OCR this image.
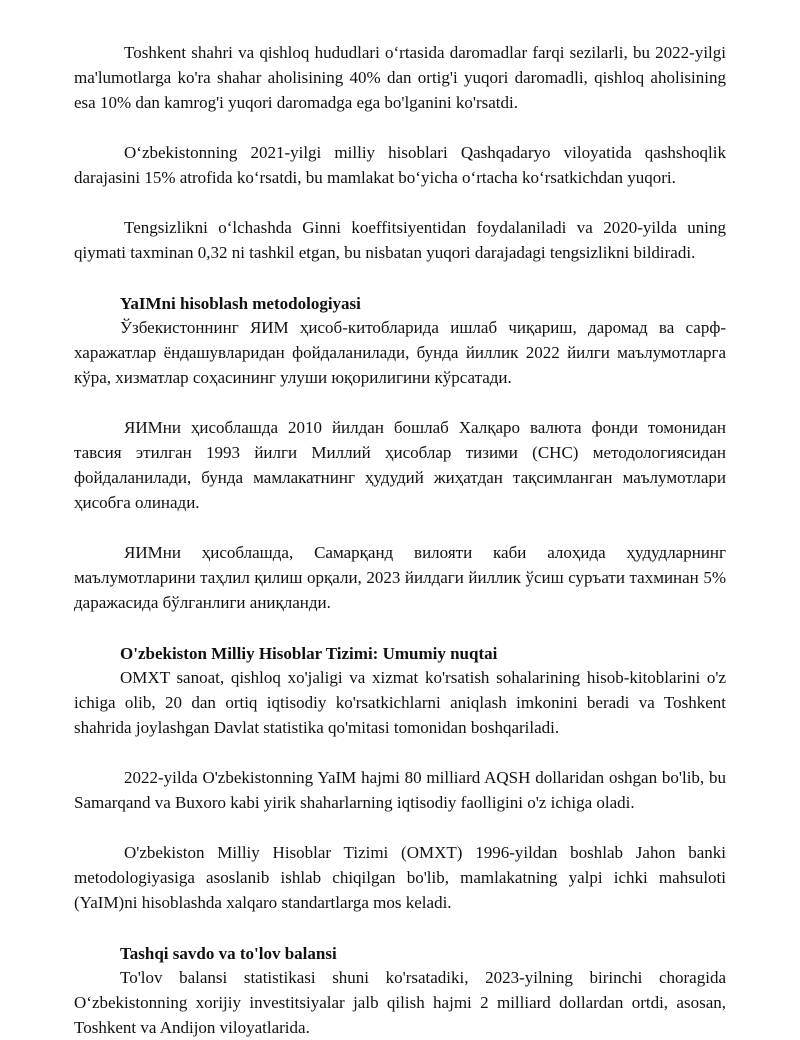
Toshkent shahri va qishloq hududlari oʻrtasida daromadlar farqi sezilarli, bu 2022-yilgi ma'lumotlarga ko'ra shahar aholisining 40% dan ortig'i yuqori daromadli, qishloq aholisining esa 10% dan kamrog'i yuqori daromadga ega bo'lganini ko'rsatdi.

Oʻzbekistonning 2021-yilgi milliy hisoblari Qashqadaryo viloyatida qashshoqlik darajasini 15% atrofida koʻrsatdi, bu mamlakat boʻyicha oʻrtacha koʻrsatkichdan yuqori.

Tengsizlikni oʻlchashda Ginni koeffitsiyentidan foydalaniladi va 2020-yilda uning qiymati taxminan 0,32 ni tashkil etgan, bu nisbatan yuqori darajadagi tengsizlikni bildiradi.

YaIMni hisoblash metodologiyasi

Ўзбекистоннинг ЯИМ ҳисоб-китобларида ишлаб чиқариш, даромад ва сарф-харажатлар ёндашувларидан фойдаланилади, бунда йиллик 2022 йилги маълумотларга кўра, хизматлар соҳасининг улуши юқорилигини кўрсатади.

ЯИМни ҳисоблашда 2010 йилдан бошлаб Халқаро валюта фонди томонидан тавсия этилган 1993 йилги Миллий ҳисоблар тизими (СНС) методологиясидан фойдаланилади, бунда мамлакатнинг ҳудудий жиҳатдан тақсимланган маълумотлари ҳисобга олинади.

ЯИМни ҳисоблашда, Самарқанд вилояти каби алоҳида ҳудудларнинг маълумотларини таҳлил қилиш орқали, 2023 йилдаги йиллик ўсиш суръати тахминан 5% даражасида бўлганлиги аниқланди.

O'zbekiston Milliy Hisoblar Tizimi: Umumiy nuqtai

OMXT sanoat, qishloq xo'jaligi va xizmat ko'rsatish sohalarining hisob-kitoblarini o'z ichiga olib, 20 dan ortiq iqtisodiy ko'rsatkichlarni aniqlash imkonini beradi va Toshkent shahrida joylashgan Davlat statistika qo'mitasi tomonidan boshqariladi.

2022-yilda O'zbekistonning YaIM hajmi 80 milliard AQSH dollaridan oshgan bo'lib, bu Samarqand va Buxoro kabi yirik shaharlarning iqtisodiy faolligini o'z ichiga oladi.

O'zbekiston Milliy Hisoblar Tizimi (OMXT) 1996-yildan boshlab Jahon banki metodologiyasiga asoslanib ishlab chiqilgan bo'lib, mamlakatning yalpi ichki mahsuloti (YaIM)ni hisoblashda xalqaro standartlarga mos keladi.

Tashqi savdo va to'lov balansi

To'lov balansi statistikasi shuni ko'rsatadiki, 2023-yilning birinchi choragida Oʻzbekistonning xorijiy investitsiyalar jalb qilish hajmi 2 milliard dollardan ortdi, asosan, Toshkent va Andijon viloyatlarida.
